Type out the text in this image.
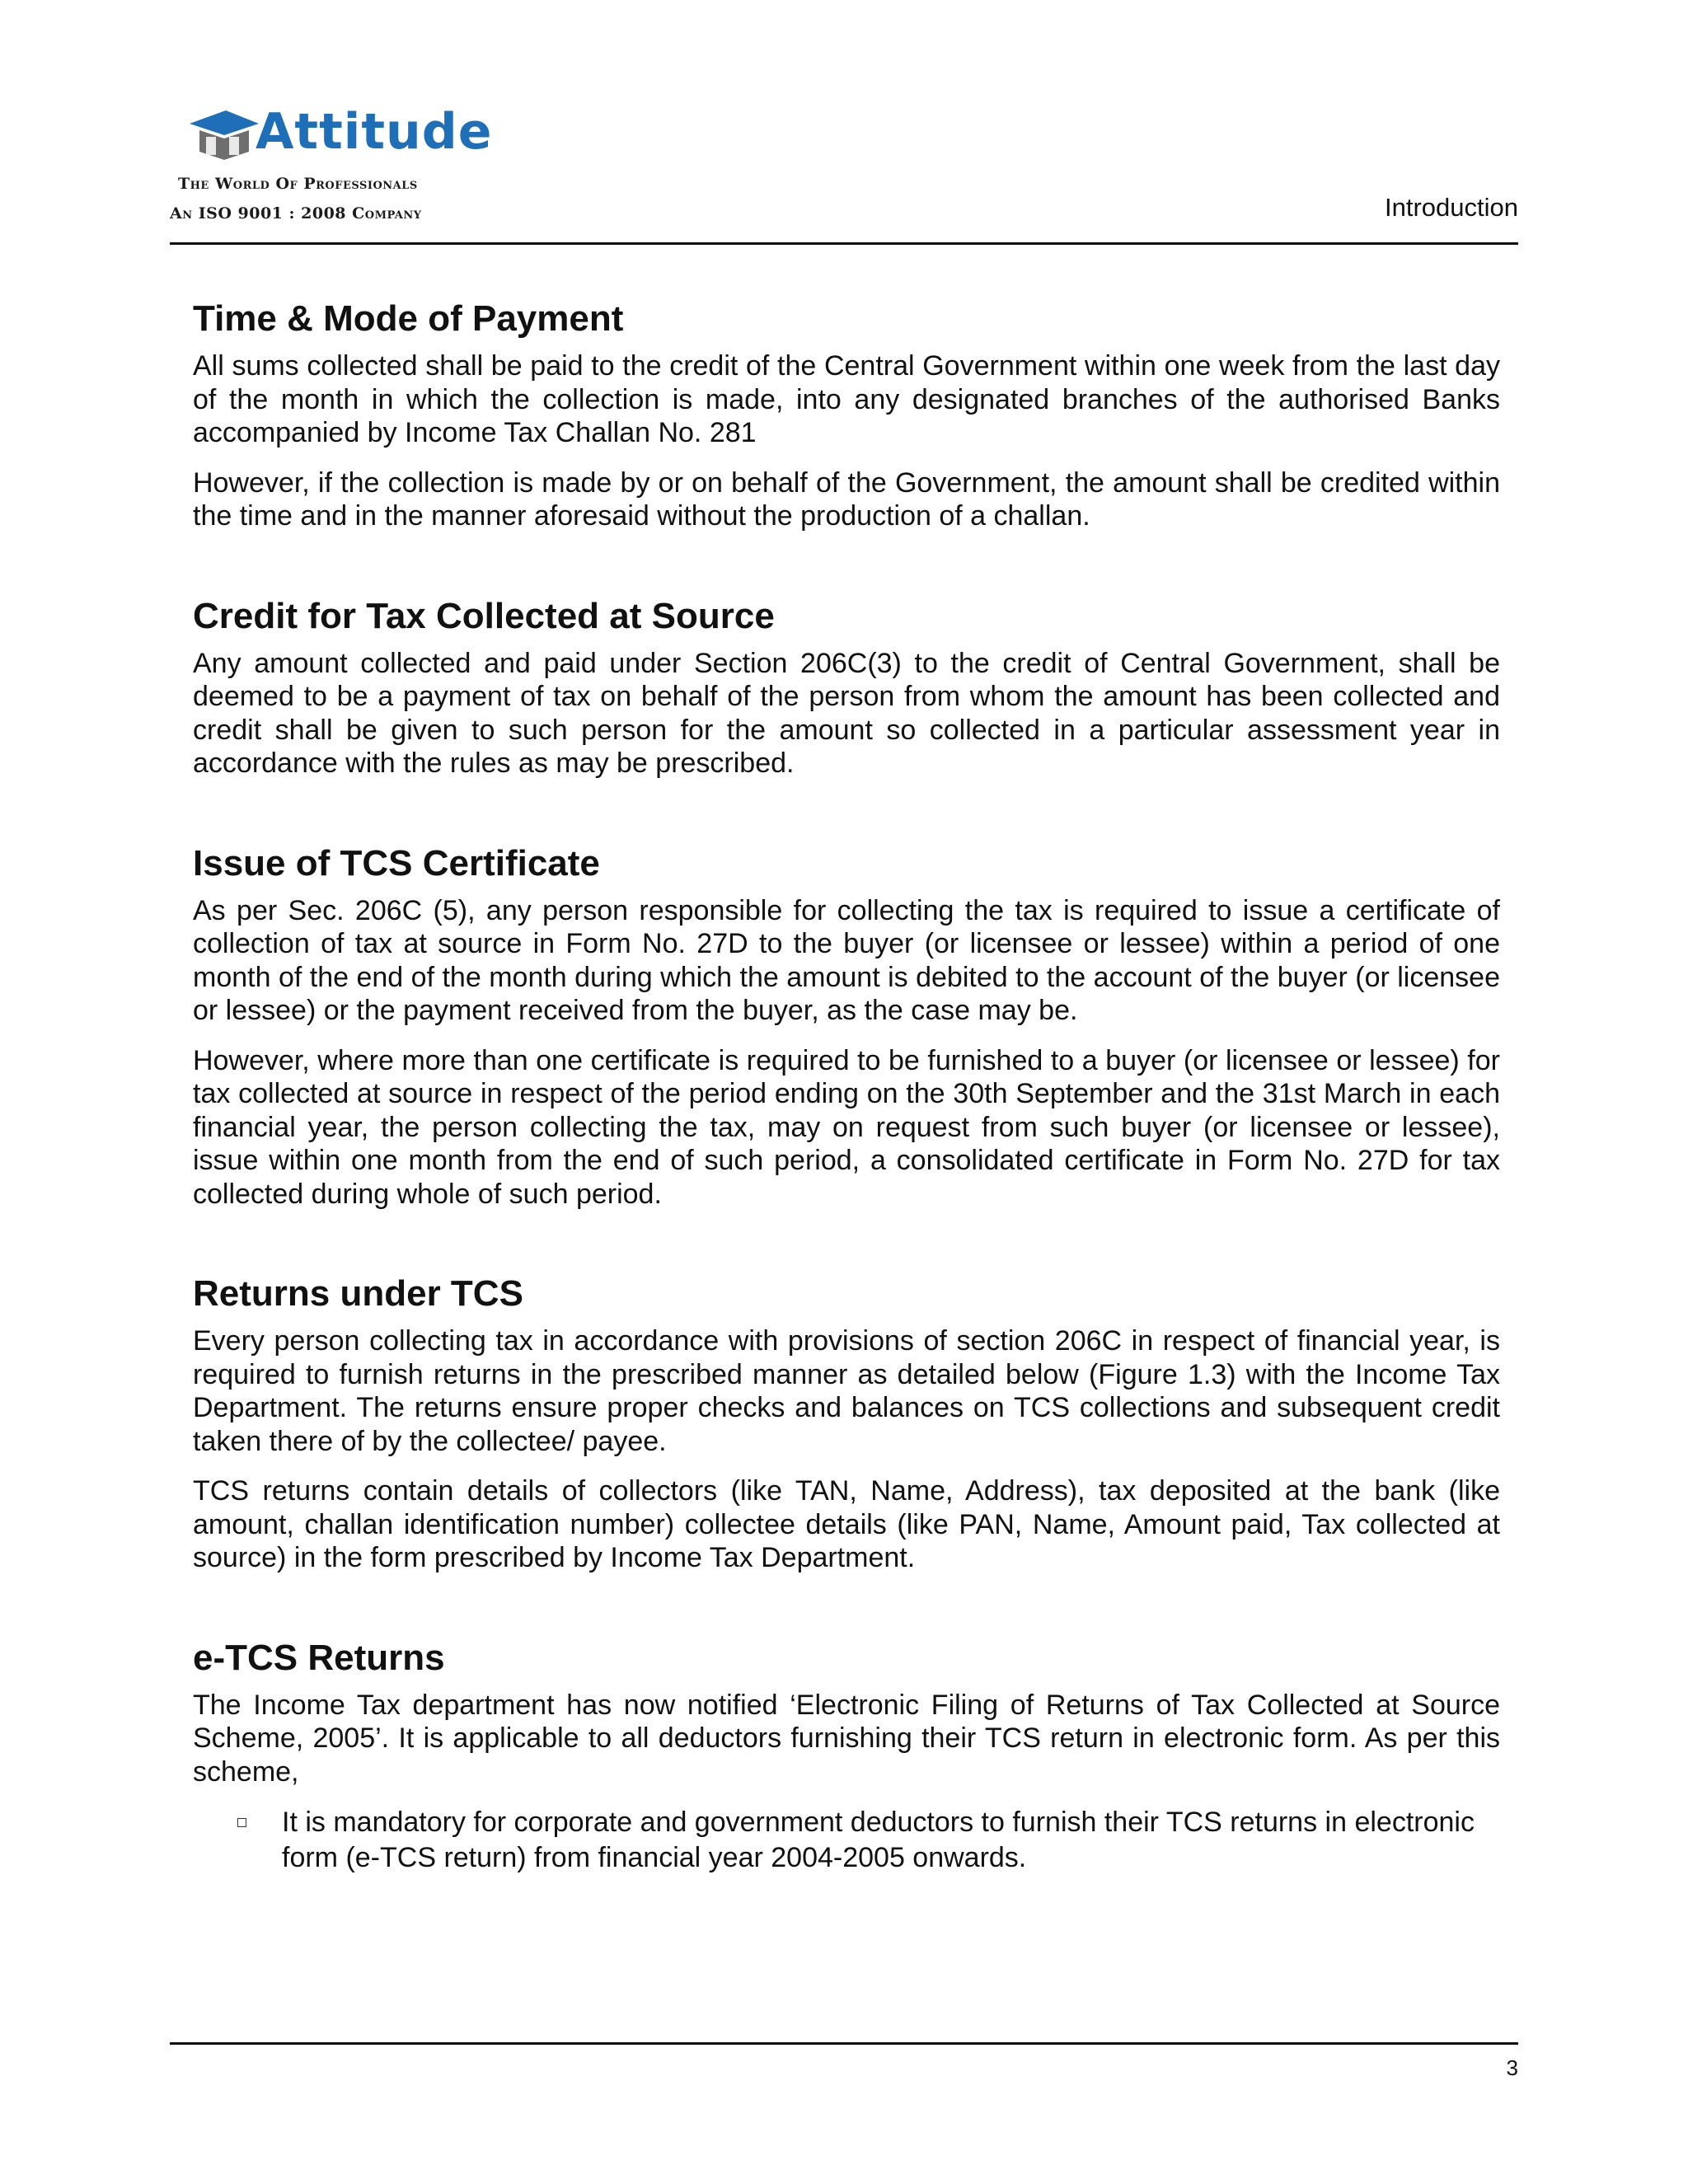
Attitude
The World Of Professionals
An ISO 9001 : 2008 Company	Introduction
Time & Mode of Payment

All sums collected shall be paid to the credit of the Central Government within one week from the last day of the month in which the collection is made, into any designated branches of the authorised Banks accompanied by Income Tax Challan No. 281

However, if the collection is made by or on behalf of the Government, the amount shall be credited within the time and in the manner aforesaid without the production of a challan.

Credit for Tax Collected at Source

Any amount collected and paid under Section 206C(3) to the credit of Central Government, shall be deemed to be a payment of tax on behalf of the person from whom the amount has been collected and credit shall be given to such person for the amount so collected in a particular assessment year in accordance with the rules as may be prescribed.

Issue of TCS Certificate

As per Sec. 206C (5), any person responsible for collecting the tax is required to issue a certificate of collection of tax at source in Form No. 27D to the buyer (or licensee or lessee) within a period of one month of the end of the month during which the amount is debited to the account of the buyer (or licensee or lessee) or the payment received from the buyer, as the case may be.

However, where more than one certificate is required to be furnished to a buyer (or licensee or lessee) for tax collected at source in respect of the period ending on the 30th September and the 31st March in each financial year, the person collecting the tax, may on request from such buyer (or licensee or lessee), issue within one month from the end of such period, a consolidated certificate in Form No. 27D for tax collected during whole of such period.

Returns under TCS

Every person collecting tax in accordance with provisions of section 206C in respect of financial year, is required to furnish returns in the prescribed manner as detailed below (Figure 1.3) with the Income Tax Department. The returns ensure proper checks and balances on TCS collections and subsequent credit taken there of by the collectee/ payee.

TCS returns contain details of collectors (like TAN, Name, Address), tax deposited at the bank (like amount, challan identification number) collectee details (like PAN, Name, Amount paid, Tax collected at source) in the form prescribed by Income Tax Department.

e-TCS Returns

The Income Tax department has now notified ‘Electronic Filing of Returns of Tax Collected at Source Scheme, 2005’. It is applicable to all deductors furnishing their TCS return in electronic form. As per this scheme,

It is mandatory for corporate and government deductors to furnish their TCS returns in electronic form (e-TCS return) from financial year 2004-2005 onwards.
3
